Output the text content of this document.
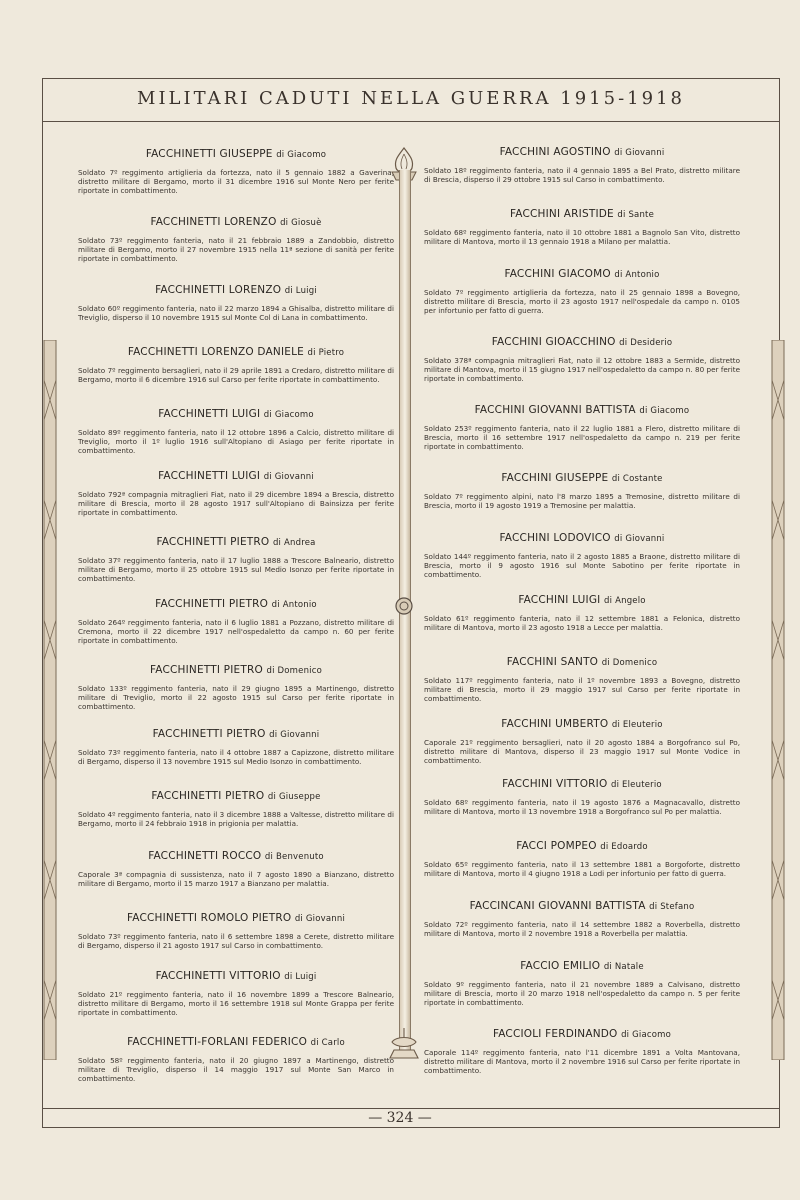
MILITARI CADUTI NELLA GUERRA 1915-1918
FACCHINETTI GIUSEPPE di Giacomo
Soldato 7º reggimento artiglieria da fortezza, nato il 5 gennaio 1882 a Gaverina, distretto militare di Bergamo, morto il 31 dicembre 1916 sul Monte Nero per ferite riportate in combattimento.
FACCHINETTI LORENZO di Giosuè
Soldato 73º reggimento fanteria, nato il 21 febbraio 1889 a Zandobbio, distretto militare di Bergamo, morto il 27 novembre 1915 nella 11ª sezione di sanità per ferite riportate in combattimento.
FACCHINETTI LORENZO di Luigi
Soldato 60º reggimento fanteria, nato il 22 marzo 1894 a Ghisalba, distretto militare di Treviglio, disperso il 10 novembre 1915 sul Monte Col di Lana in combattimento.
FACCHINETTI LORENZO DANIELE di Pietro
Soldato 7º reggimento bersaglieri, nato il 29 aprile 1891 a Credaro, distretto militare di Bergamo, morto il 6 dicembre 1916 sul Carso per ferite riportate in combattimento.
FACCHINETTI LUIGI di Giacomo
Soldato 89º reggimento fanteria, nato il 12 ottobre 1896 a Calcio, distretto militare di Treviglio, morto il 1º luglio 1916 sull'Altopiano di Asiago per ferite riportate in combattimento.
FACCHINETTI LUIGI di Giovanni
Soldato 792ª compagnia mitraglieri Fiat, nato il 29 dicembre 1894 a Brescia, distretto militare di Brescia, morto il 28 agosto 1917 sull'Altopiano di Bainsizza per ferite riportate in combattimento.
FACCHINETTI PIETRO di Andrea
Soldato 37º reggimento fanteria, nato il 17 luglio 1888 a Trescore Balneario, distretto militare di Bergamo, morto il 25 ottobre 1915 sul Medio Isonzo per ferite riportate in combattimento.
FACCHINETTI PIETRO di Antonio
Soldato 264º reggimento fanteria, nato il 6 luglio 1881 a Pozzano, distretto militare di Cremona, morto il 22 dicembre 1917 nell'ospedaletto da campo n. 60 per ferite riportate in combattimento.
FACCHINETTI PIETRO di Domenico
Soldato 133º reggimento fanteria, nato il 29 giugno 1895 a Martinengo, distretto militare di Treviglio, morto il 22 agosto 1915 sul Carso per ferite riportate in combattimento.
FACCHINETTI PIETRO di Giovanni
Soldato 73º reggimento fanteria, nato il 4 ottobre 1887 a Capizzone, distretto militare di Bergamo, disperso il 13 novembre 1915 sul Medio Isonzo in combattimento.
FACCHINETTI PIETRO di Giuseppe
Soldato 4º reggimento fanteria, nato il 3 dicembre 1888 a Valtesse, distretto militare di Bergamo, morto il 24 febbraio 1918 in prigionia per malattia.
FACCHINETTI ROCCO di Benvenuto
Caporale 3ª compagnia di sussistenza, nato il 7 agosto 1890 a Bianzano, distretto militare di Bergamo, morto il 15 marzo 1917 a Bianzano per malattia.
FACCHINETTI ROMOLO PIETRO di Giovanni
Soldato 73º reggimento fanteria, nato il 6 settembre 1898 a Cerete, distretto militare di Bergamo, disperso il 21 agosto 1917 sul Carso in combattimento.
FACCHINETTI VITTORIO di Luigi
Soldato 21º reggimento fanteria, nato il 16 novembre 1899 a Trescore Balneario, distretto militare di Bergamo, morto il 16 settembre 1918 sul Monte Grappa per ferite riportate in combattimento.
FACCHINETTI-FORLANI FEDERICO di Carlo
Soldato 58º reggimento fanteria, nato il 20 giugno 1897 a Martinengo, distretto militare di Treviglio, disperso il 14 maggio 1917 sul Monte San Marco in combattimento.
FACCHINI AGOSTINO di Giovanni
Soldato 18º reggimento fanteria, nato il 4 gennaio 1895 a Bel Prato, distretto militare di Brescia, disperso il 29 ottobre 1915 sul Carso in combattimento.
FACCHINI ARISTIDE di Sante
Soldato 68º reggimento fanteria, nato il 10 ottobre 1881 a Bagnolo San Vito, distretto militare di Mantova, morto il 13 gennaio 1918 a Milano per malattia.
FACCHINI GIACOMO di Antonio
Soldato 7º reggimento artiglieria da fortezza, nato il 25 gennaio 1898 a Bovegno, distretto militare di Brescia, morto il 23 agosto 1917 nell'ospedale da campo n. 0105 per infortunio per fatto di guerra.
FACCHINI GIOACCHINO di Desiderio
Soldato 378ª compagnia mitraglieri Fiat, nato il 12 ottobre 1883 a Sermide, distretto militare di Mantova, morto il 15 giugno 1917 nell'ospedaletto da campo n. 80 per ferite riportate in combattimento.
FACCHINI GIOVANNI BATTISTA di Giacomo
Soldato 253º reggimento fanteria, nato il 22 luglio 1881 a Flero, distretto militare di Brescia, morto il 16 settembre 1917 nell'ospedaletto da campo n. 219 per ferite riportate in combattimento.
FACCHINI GIUSEPPE di Costante
Soldato 7º reggimento alpini, nato l'8 marzo 1895 a Tremosine, distretto militare di Brescia, morto il 19 agosto 1919 a Tremosine per malattia.
FACCHINI LODOVICO di Giovanni
Soldato 144º reggimento fanteria, nato il 2 agosto 1885 a Braone, distretto militare di Brescia, morto il 9 agosto 1916 sul Monte Sabotino per ferite riportate in combattimento.
FACCHINI LUIGI di Angelo
Soldato 61º reggimento fanteria, nato il 12 settembre 1881 a Felonica, distretto militare di Mantova, morto il 23 agosto 1918 a Lecce per malattia.
FACCHINI SANTO di Domenico
Soldato 117º reggimento fanteria, nato il 1º novembre 1893 a Bovegno, distretto militare di Brescia, morto il 29 maggio 1917 sul Carso per ferite riportate in combattimento.
FACCHINI UMBERTO di Eleuterio
Caporale 21º reggimento bersaglieri, nato il 20 agosto 1884 a Borgofranco sul Po, distretto militare di Mantova, disperso il 23 maggio 1917 sul Monte Vodice in combattimento.
FACCHINI VITTORIO di Eleuterio
Soldato 68º reggimento fanteria, nato il 19 agosto 1876 a Magnacavallo, distretto militare di Mantova, morto il 13 novembre 1918 a Borgofranco sul Po per malattia.
FACCI POMPEO di Edoardo
Soldato 65º reggimento fanteria, nato il 13 settembre 1881 a Borgoforte, distretto militare di Mantova, morto il 4 giugno 1918 a Lodi per infortunio per fatto di guerra.
FACCINCANI GIOVANNI BATTISTA di Stefano
Soldato 72º reggimento fanteria, nato il 14 settembre 1882 a Roverbella, distretto militare di Mantova, morto il 2 novembre 1918 a Roverbella per malattia.
FACCIO EMILIO di Natale
Soldato 9º reggimento fanteria, nato il 21 novembre 1889 a Calvisano, distretto militare di Brescia, morto il 20 marzo 1918 nell'ospedaletto da campo n. 5 per ferite riportate in combattimento.
FACCIOLI FERDINANDO di Giacomo
Caporale 114º reggimento fanteria, nato l'11 dicembre 1891 a Volta Mantovana, distretto militare di Mantova, morto il 2 novembre 1916 sul Carso per ferite riportate in combattimento.
— 324 —
